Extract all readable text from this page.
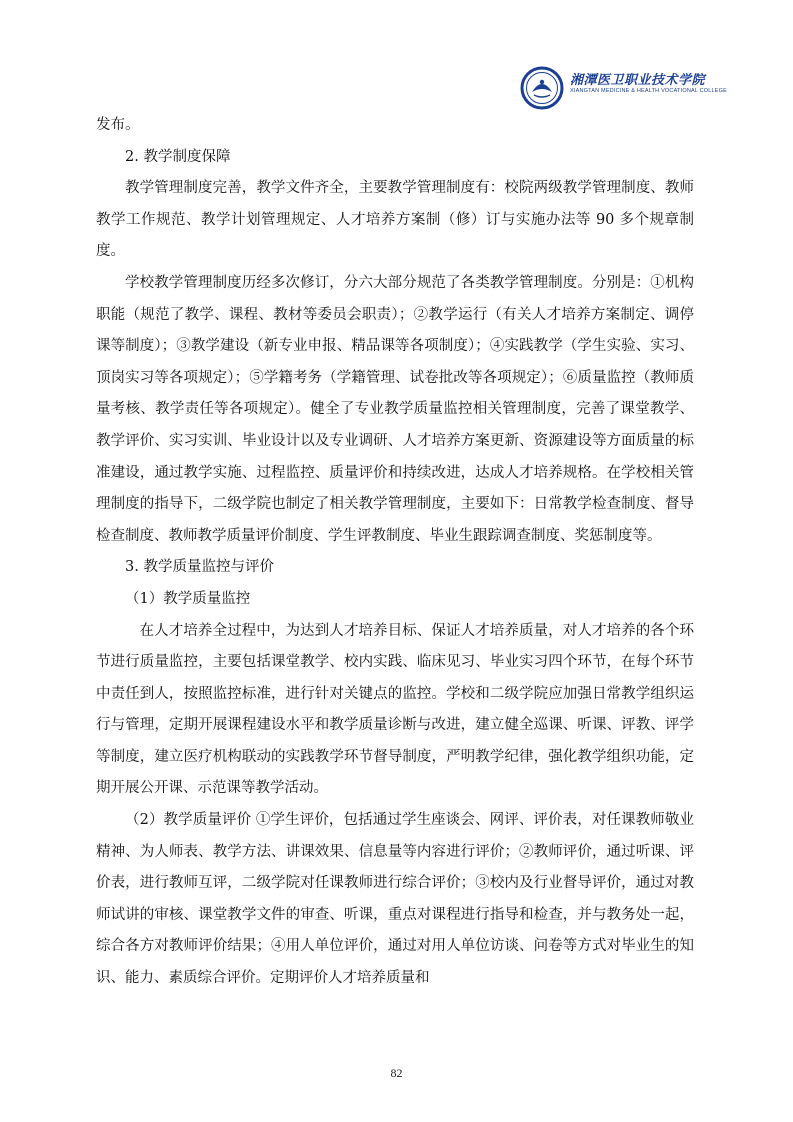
湘潭医卫职业技术学院
XIANGTAN MEDICINE & HEALTH VOCATIONAL COLLEGE

发布。

2. 教学制度保障

教学管理制度完善，教学文件齐全，主要教学管理制度有：校院两级教学管理制度、教师教学工作规范、教学计划管理规定、人才培养方案制（修）订与实施办法等 90 多个规章制度。

学校教学管理制度历经多次修订，分六大部分规范了各类教学管理制度。分别是：①机构职能（规范了教学、课程、教材等委员会职责）；②教学运行（有关人才培养方案制定、调停课等制度）；③教学建设（新专业申报、精品课等各项制度）；④实践教学（学生实验、实习、顶岗实习等各项规定）；⑤学籍考务（学籍管理、试卷批改等各项规定）；⑥质量监控（教师质量考核、教学责任等各项规定）。健全了专业教学质量监控相关管理制度，完善了课堂教学、教学评价、实习实训、毕业设计以及专业调研、人才培养方案更新、资源建设等方面质量的标准建设，通过教学实施、过程监控、质量评价和持续改进，达成人才培养规格。在学校相关管理制度的指导下，二级学院也制定了相关教学管理制度，主要如下：日常教学检查制度、督导检查制度、教师教学质量评价制度、学生评教制度、毕业生跟踪调查制度、奖惩制度等。

3. 教学质量监控与评价

（1）教学质量监控

在人才培养全过程中，为达到人才培养目标、保证人才培养质量，对人才培养的各个环节进行质量监控，主要包括课堂教学、校内实践、临床见习、毕业实习四个环节，在每个环节中责任到人，按照监控标准，进行针对关键点的监控。学校和二级学院应加强日常教学组织运行与管理，定期开展课程建设水平和教学质量诊断与改进，建立健全巡课、听课、评教、评学等制度，建立医疗机构联动的实践教学环节督导制度，严明教学纪律，强化教学组织功能，定期开展公开课、示范课等教学活动。

（2）教学质量评价 ①学生评价，包括通过学生座谈会、网评、评价表，对任课教师敬业精神、为人师表、教学方法、讲课效果、信息量等内容进行评价；②教师评价，通过听课、评价表，进行教师互评，二级学院对任课教师进行综合评价；③校内及行业督导评价，通过对教师试讲的审核、课堂教学文件的审查、听课，重点对课程进行指导和检查，并与教务处一起，综合各方对教师评价结果；④用人单位评价，通过对用人单位访谈、问卷等方式对毕业生的知识、能力、素质综合评价。定期评价人才培养质量和

82
